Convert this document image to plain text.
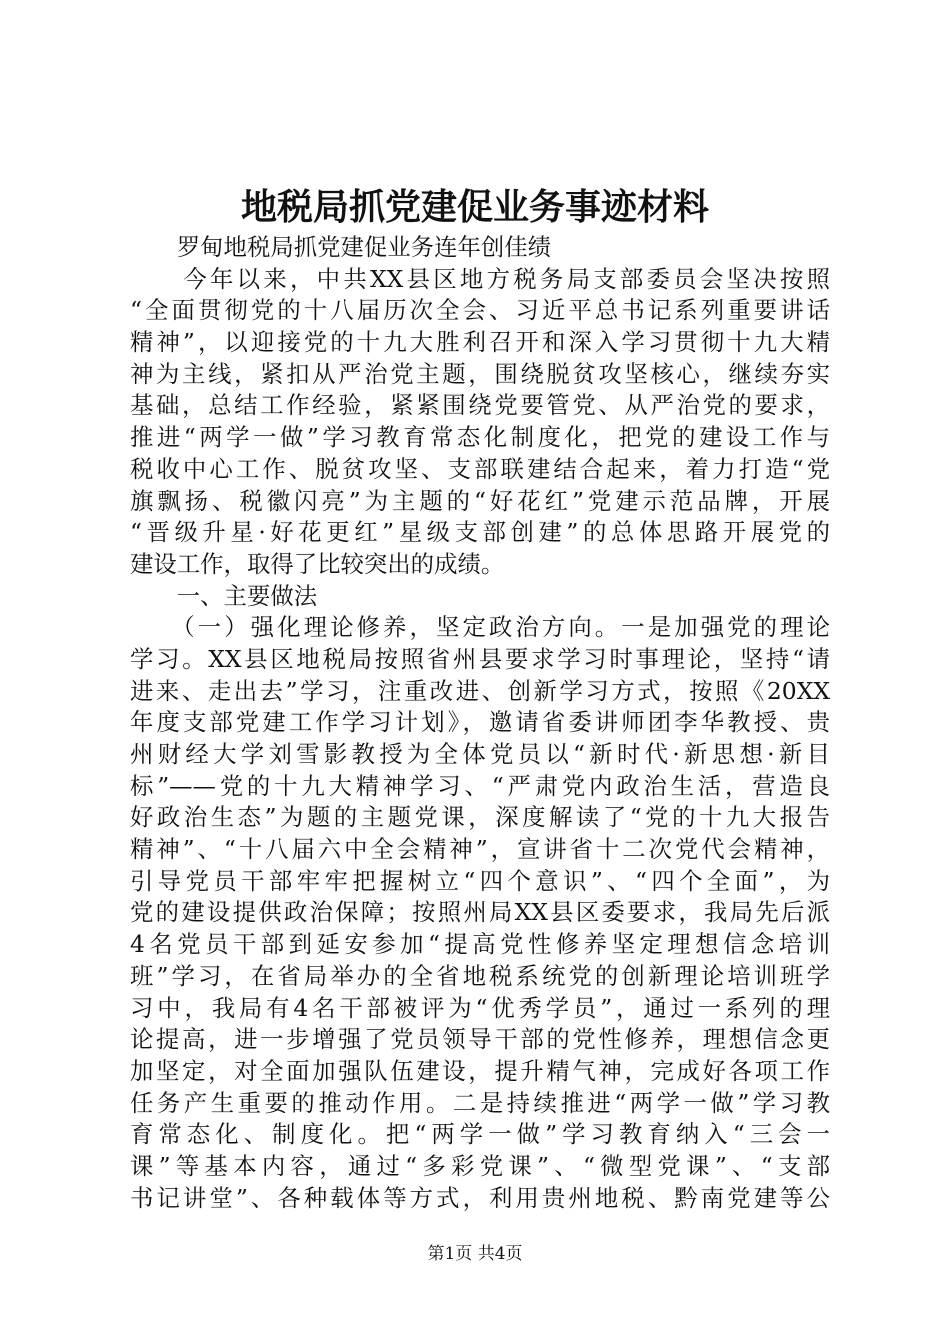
地税局抓党建促业务事迹材料
　　罗甸地税局抓党建促业务连年创佳绩
　　今年以来，中共XX县区地方税务局支部委员会坚决按照
“全面贯彻党的十八届历次全会、习近平总书记系列重要讲话
精神”，以迎接党的十九大胜利召开和深入学习贯彻十九大精
神为主线，紧扣从严治党主题，围绕脱贫攻坚核心，继续夯实
基础，总结工作经验，紧紧围绕党要管党、从严治党的要求，
推进“两学一做”学习教育常态化制度化，把党的建设工作与
税收中心工作、脱贫攻坚、支部联建结合起来，着力打造“党
旗飘扬、税徽闪亮”为主题的“好花红”党建示范品牌，开展
“晋级升星·好花更红”星级支部创建”的总体思路开展党的
建设工作，取得了比较突出的成绩。
　　一、主要做法
　　（一）强化理论修养，坚定政治方向。一是加强党的理论
学习。XX县区地税局按照省州县要求学习时事理论，坚持“请
进来、走出去”学习，注重改进、创新学习方式，按照《20XX
年度支部党建工作学习计划》，邀请省委讲师团李华教授、贵
州财经大学刘雪影教授为全体党员以“新时代·新思想·新目
标”——党的十九大精神学习、“严肃党内政治生活，营造良
好政治生态”为题的主题党课，深度解读了“党的十九大报告
精神”、“十八届六中全会精神”，宣讲省十二次党代会精神，
引导党员干部牢牢把握树立“四个意识”、“四个全面”，为
党的建设提供政治保障；按照州局XX县区委要求，我局先后派
4名党员干部到延安参加“提高党性修养坚定理想信念培训
班”学习，在省局举办的全省地税系统党的创新理论培训班学
习中，我局有4名干部被评为“优秀学员”，通过一系列的理
论提高，进一步增强了党员领导干部的党性修养，理想信念更
加坚定，对全面加强队伍建设，提升精气神，完成好各项工作
任务产生重要的推动作用。二是持续推进“两学一做”学习教
育常态化、制度化。把“两学一做”学习教育纳入“三会一
课”等基本内容，通过“多彩党课”、“微型党课”、“支部
书记讲堂”、各种载体等方式，利用贵州地税、黔南党建等公
第1页 共4页
